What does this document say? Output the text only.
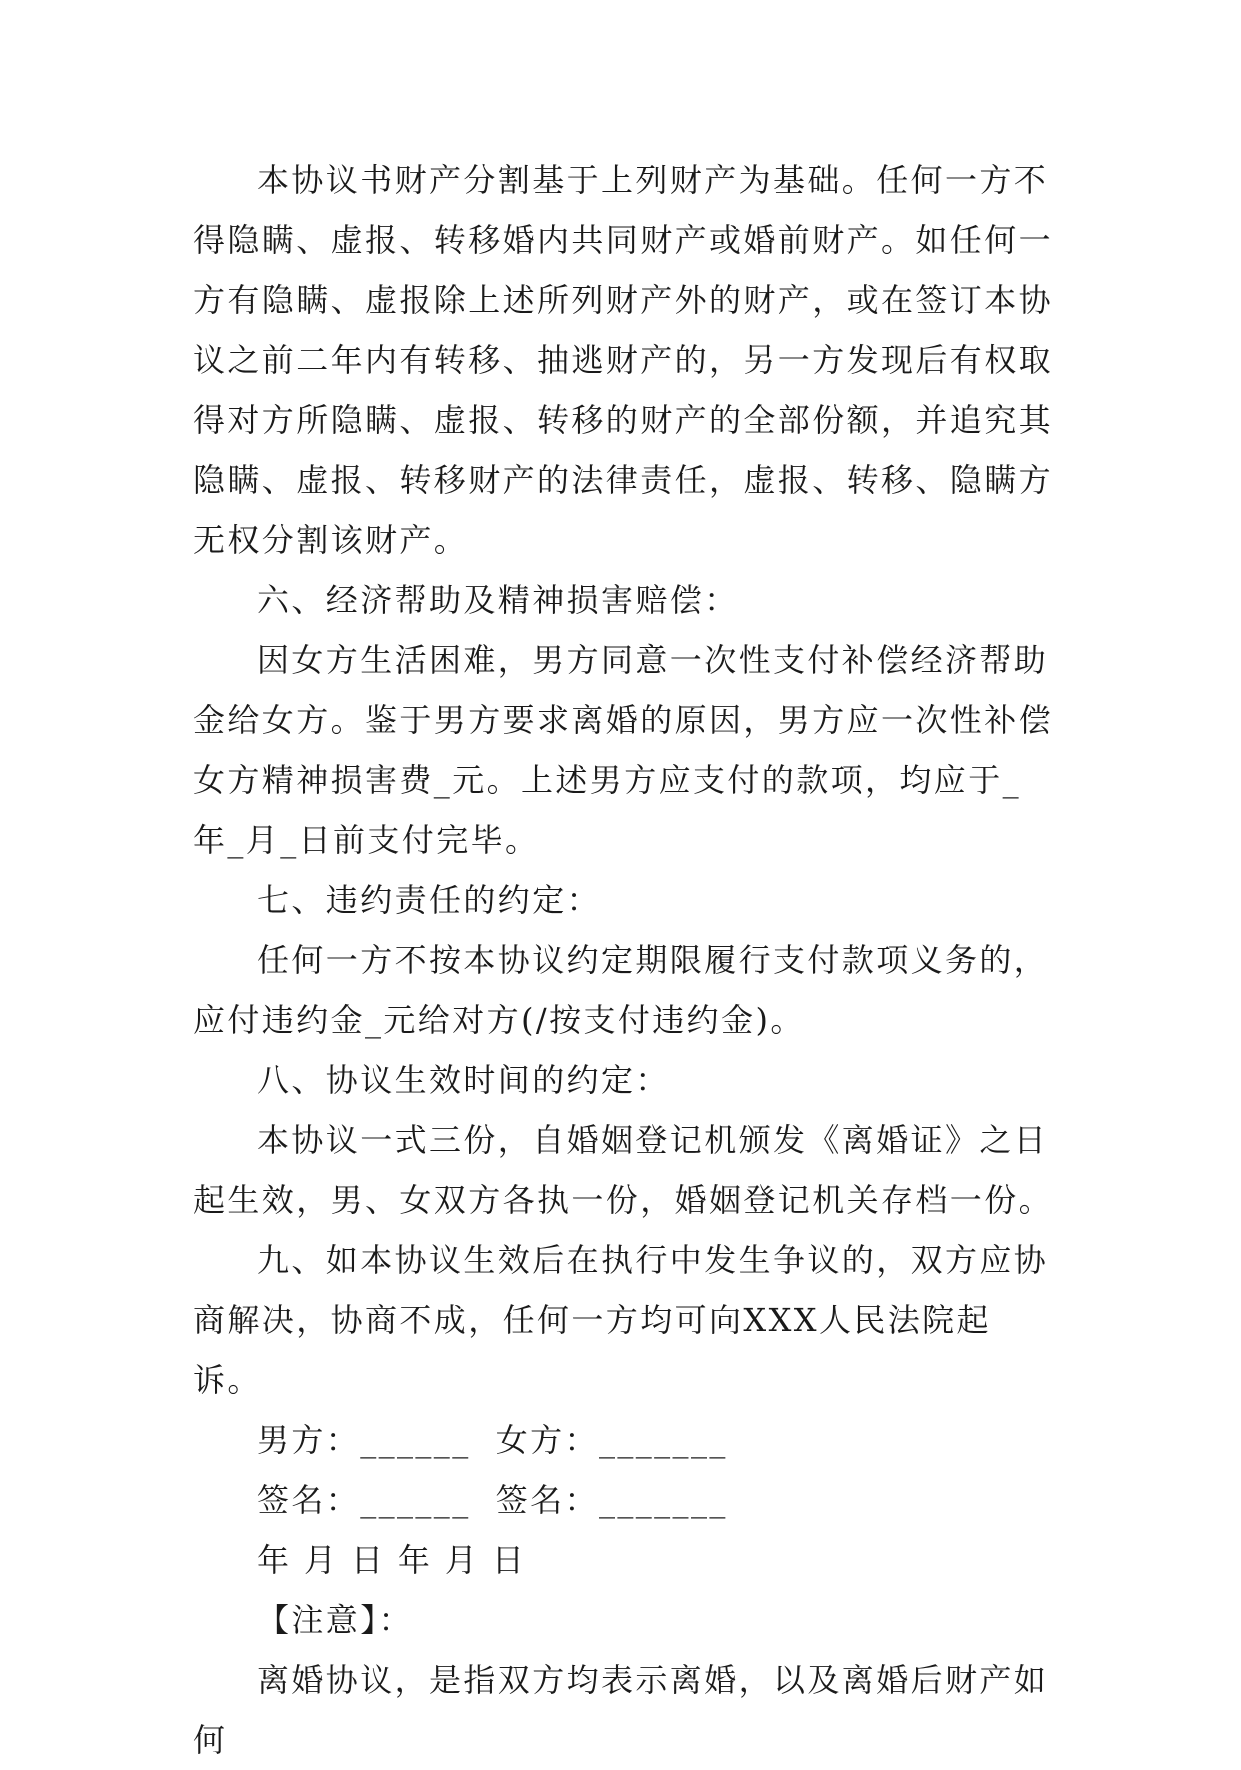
本协议书财产分割基于上列财产为基础。任何一方不得隐瞒、虚报、转移婚内共同财产或婚前财产。如任何一方有隐瞒、虚报除上述所列财产外的财产，或在签订本协议之前二年内有转移、抽逃财产的，另一方发现后有权取得对方所隐瞒、虚报、转移的财产的全部份额，并追究其隐瞒、虚报、转移财产的法律责任，虚报、转移、隐瞒方无权分割该财产。

六、经济帮助及精神损害赔偿：

因女方生活困难，男方同意一次性支付补偿经济帮助金给女方。鉴于男方要求离婚的原因，男方应一次性补偿女方精神损害费_元。上述男方应支付的款项，均应于_年_月_日前支付完毕。

七、违约责任的约定：

任何一方不按本协议约定期限履行支付款项义务的，应付违约金_元给对方(/按支付违约金)。

八、协议生效时间的约定：

本协议一式三份，自婚姻登记机颁发《离婚证》之日起生效，男、女双方各执一份，婚姻登记机关存档一份。

九、如本协议生效后在执行中发生争议的，双方应协商解决，协商不成，任何一方均可向XXX人民法院起诉。

男方：______  女方：_______
签名：______  签名：_______
年 月 日 年 月 日
【注意】：

离婚协议，是指双方均表示离婚，以及离婚后财产如何
